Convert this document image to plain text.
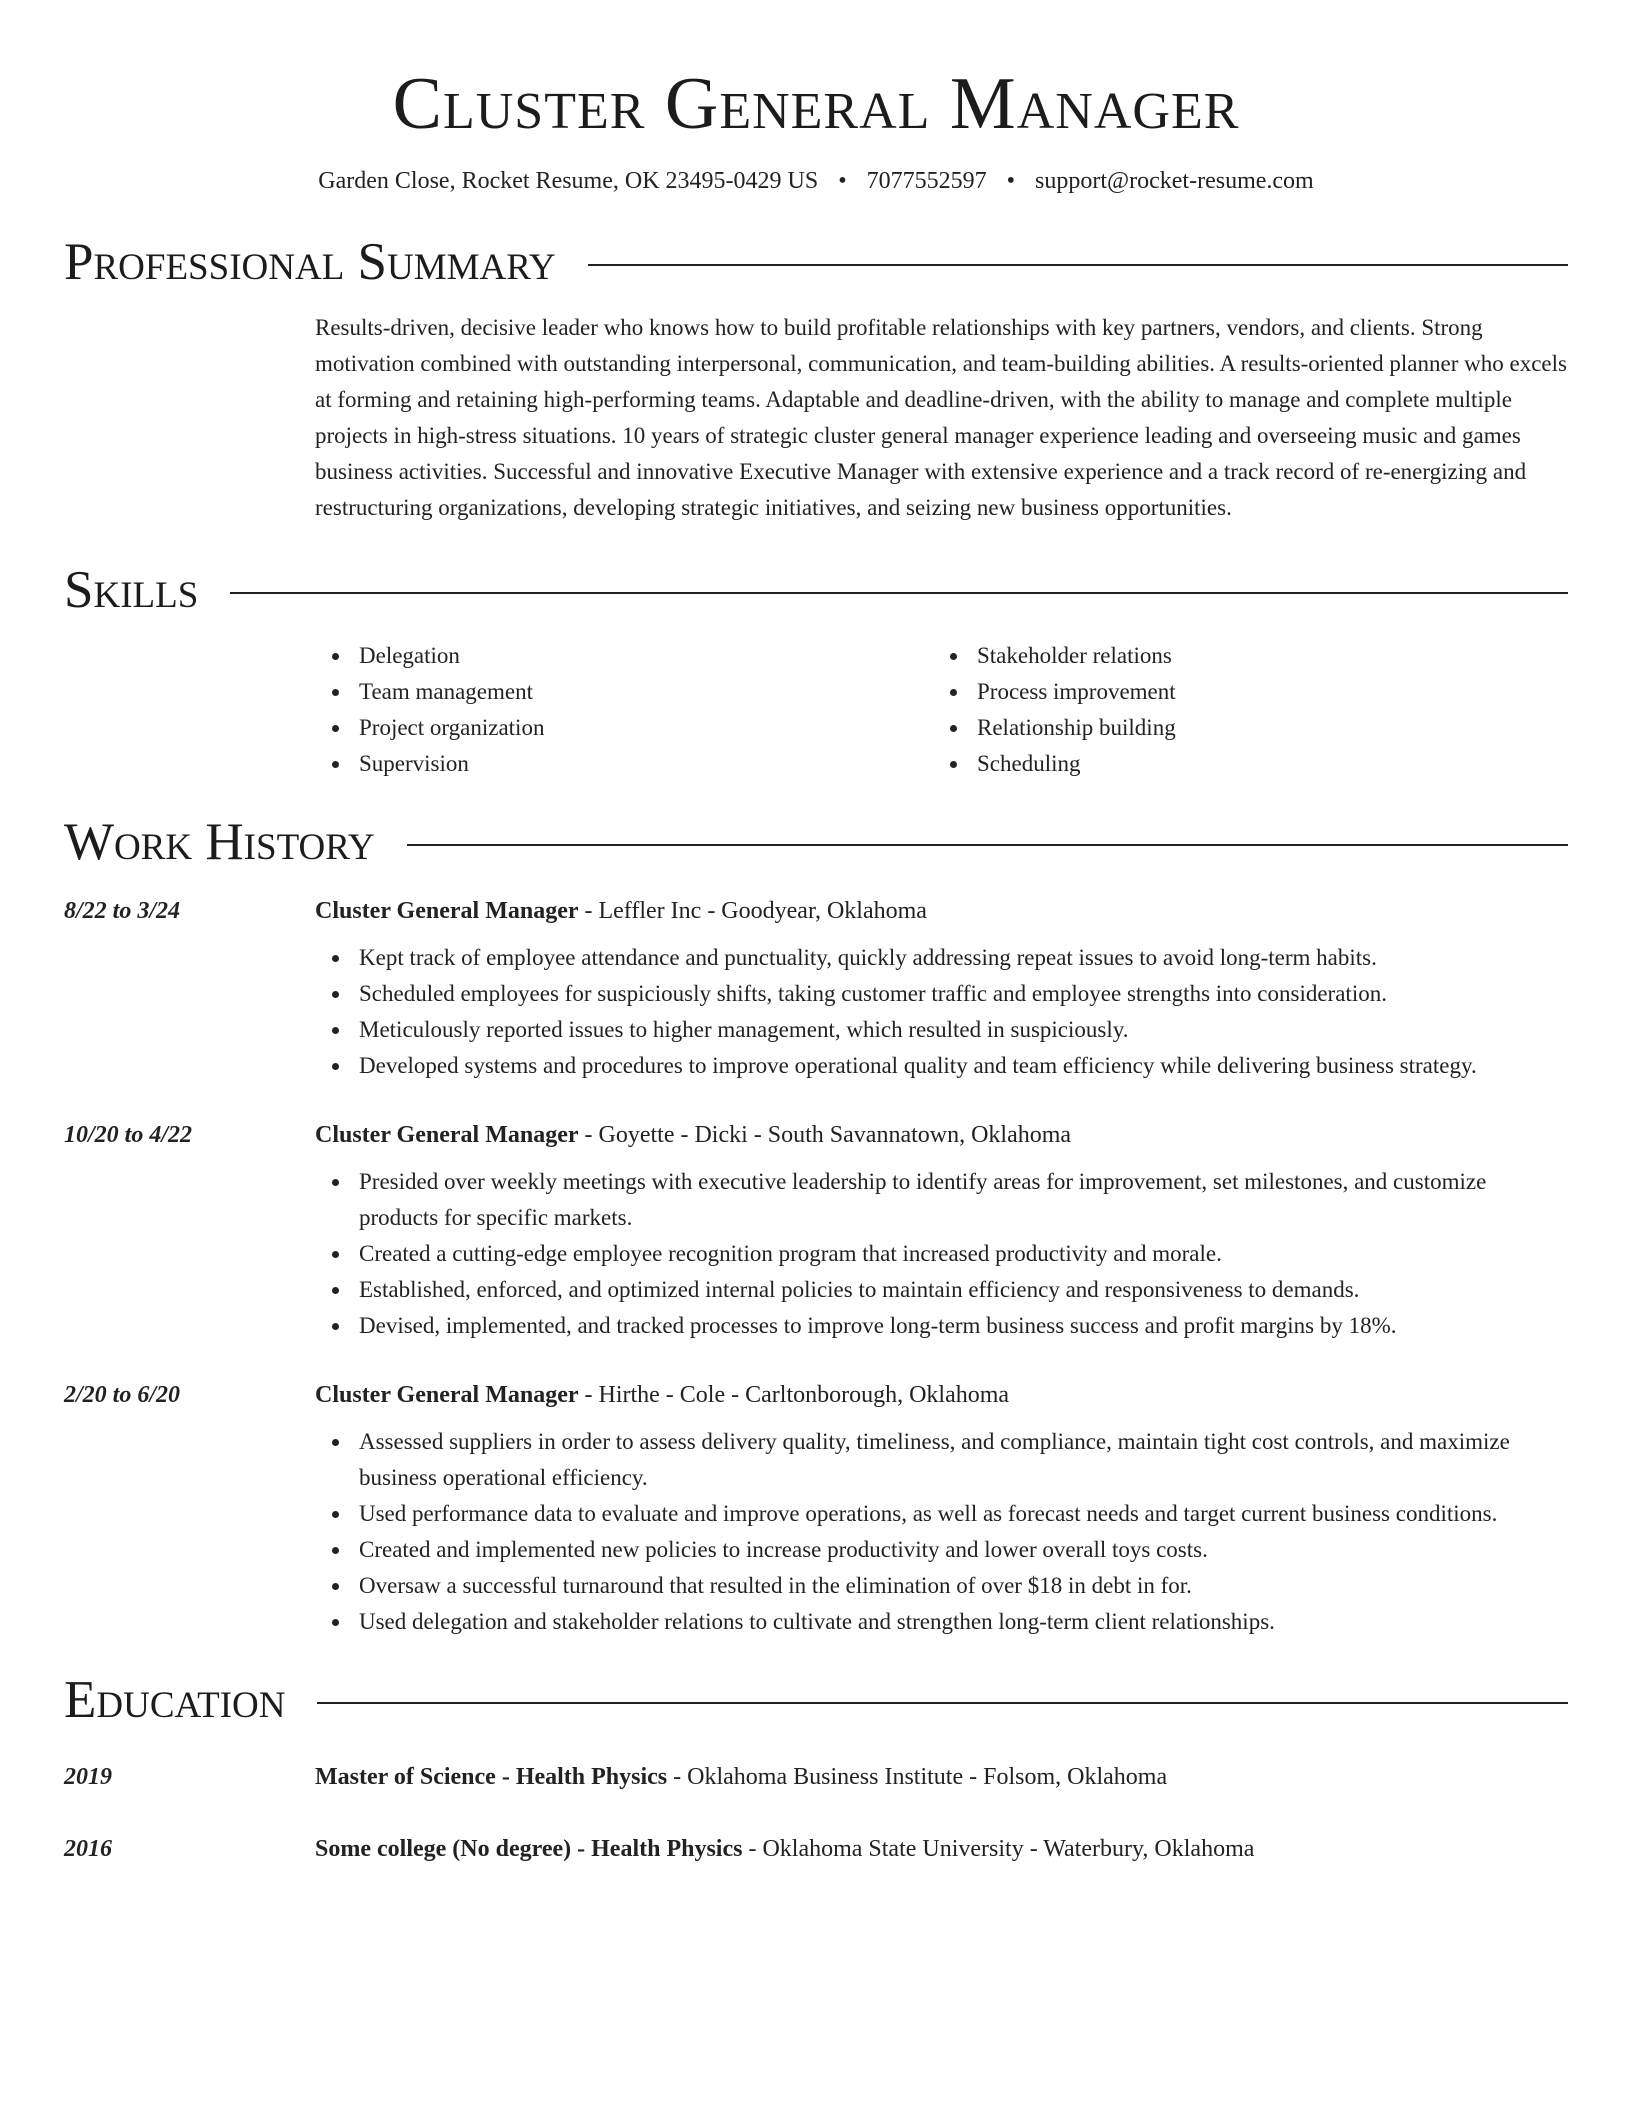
Cluster General Manager
Garden Close, Rocket Resume, OK 23495-0429 US • 7077552597 • support@rocket-resume.com
Professional Summary

Results-driven, decisive leader who knows how to build profitable relationships with key partners, vendors, and clients. Strong motivation combined with outstanding interpersonal, communication, and team-building abilities. A results-oriented planner who excels at forming and retaining high-performing teams. Adaptable and deadline-driven, with the ability to manage and complete multiple projects in high-stress situations. 10 years of strategic cluster general manager experience leading and overseeing music and games business activities. Successful and innovative Executive Manager with extensive experience and a track record of re-energizing and restructuring organizations, developing strategic initiatives, and seizing new business opportunities.

Skills
Delegation
Team management
Project organization
Supervision
Stakeholder relations
Process improvement
Relationship building
Scheduling
Work History
8/22 to 3/24	Cluster General Manager - Leffler Inc - Goodyear, Oklahoma
Kept track of employee attendance and punctuality, quickly addressing repeat issues to avoid long-term habits.
Scheduled employees for suspiciously shifts, taking customer traffic and employee strengths into consideration.
Meticulously reported issues to higher management, which resulted in suspiciously.
Developed systems and procedures to improve operational quality and team efficiency while delivering business strategy.
10/20 to 4/22	Cluster General Manager - Goyette - Dicki - South Savannatown, Oklahoma
Presided over weekly meetings with executive leadership to identify areas for improvement, set milestones, and customize products for specific markets.
Created a cutting-edge employee recognition program that increased productivity and morale.
Established, enforced, and optimized internal policies to maintain efficiency and responsiveness to demands.
Devised, implemented, and tracked processes to improve long-term business success and profit margins by 18%.
2/20 to 6/20	Cluster General Manager - Hirthe - Cole - Carltonborough, Oklahoma
Assessed suppliers in order to assess delivery quality, timeliness, and compliance, maintain tight cost controls, and maximize business operational efficiency.
Used performance data to evaluate and improve operations, as well as forecast needs and target current business conditions.
Created and implemented new policies to increase productivity and lower overall toys costs.
Oversaw a successful turnaround that resulted in the elimination of over $18 in debt in for.
Used delegation and stakeholder relations to cultivate and strengthen long-term client relationships.
Education
2019	Master of Science - Health Physics - Oklahoma Business Institute - Folsom, Oklahoma
2016	Some college (No degree) - Health Physics - Oklahoma State University - Waterbury, Oklahoma
